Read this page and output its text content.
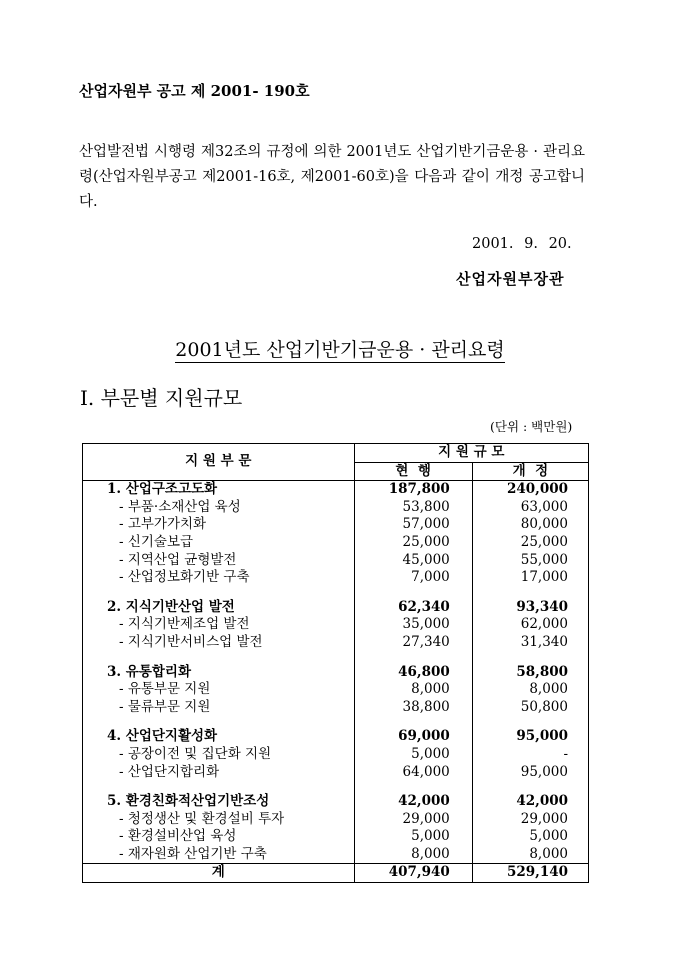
산업자원부 공고 제 2001- 190호
산업발전법 시행령 제32조의 규정에 의한 2001년도 산업기반기금운용 · 관리요령(산업자원부공고 제2001-16호, 제2001-60호)을 다음과 같이 개정 공고합니다.
2001. 9. 20.
산업자원부장관
2001년도 산업기반기금운용 · 관리요령
Ⅰ. 부문별 지원규모
(단위 : 백만원)
지 원 부 문	지 원 규 모	
	현  행	개  정
1. 산업구조고도화	187,800	240,000
- 부품·소재산업 육성	53,800	63,000
- 고부가가치화	57,000	80,000
- 신기술보급	25,000	25,000
- 지역산업 균형발전	45,000	55,000
- 산업정보화기반 구축	7,000	17,000

2. 지식기반산업 발전	62,340	93,340
- 지식기반제조업 발전	35,000	62,000
- 지식기반서비스업 발전	27,340	31,340

3. 유통합리화	46,800	58,800
- 유통부문 지원	8,000	8,000
- 물류부문 지원	38,800	50,800

4. 산업단지활성화	69,000	95,000
- 공장이전 및 집단화 지원	5,000	-
- 산업단지합리화	64,000	95,000

5. 환경친화적산업기반조성	42,000	42,000
- 청정생산 및 환경설비 투자	29,000	29,000
- 환경설비산업 육성	5,000	5,000
- 재자원화 산업기반 구축	8,000	8,000
계	407,940	529,140
